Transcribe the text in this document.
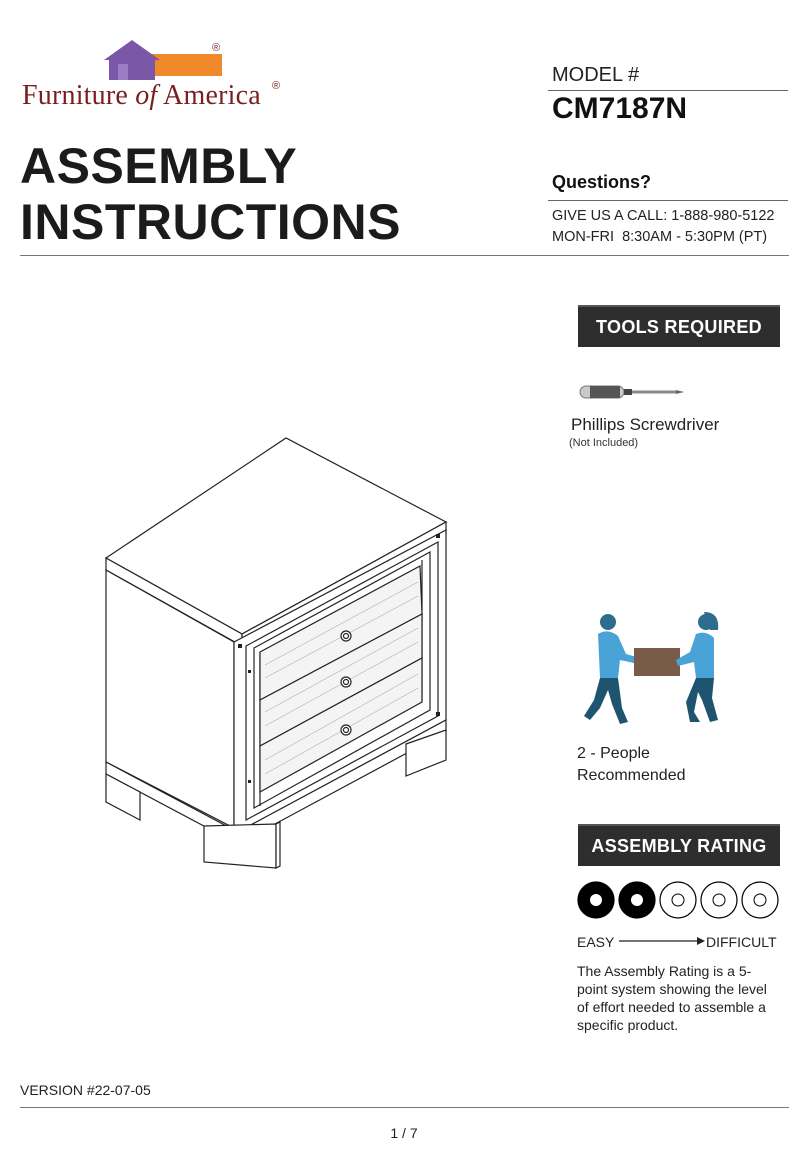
®
Furniture of America ®
ASSEMBLY
INSTRUCTIONS
MODEL #
CM7187N
Questions?
GIVE US A CALL: 1-888-980-5122
MON-FRI  8:30AM - 5:30PM (PT)
TOOLS REQUIRED
Phillips Screwdriver
(Not Included)
2 - People
Recommended
ASSEMBLY RATING
EASY	DIFFICULT
The Assembly Rating is a 5-point system showing the level of effort needed to assemble a specific product.
VERSION #22-07-05
1 / 7
